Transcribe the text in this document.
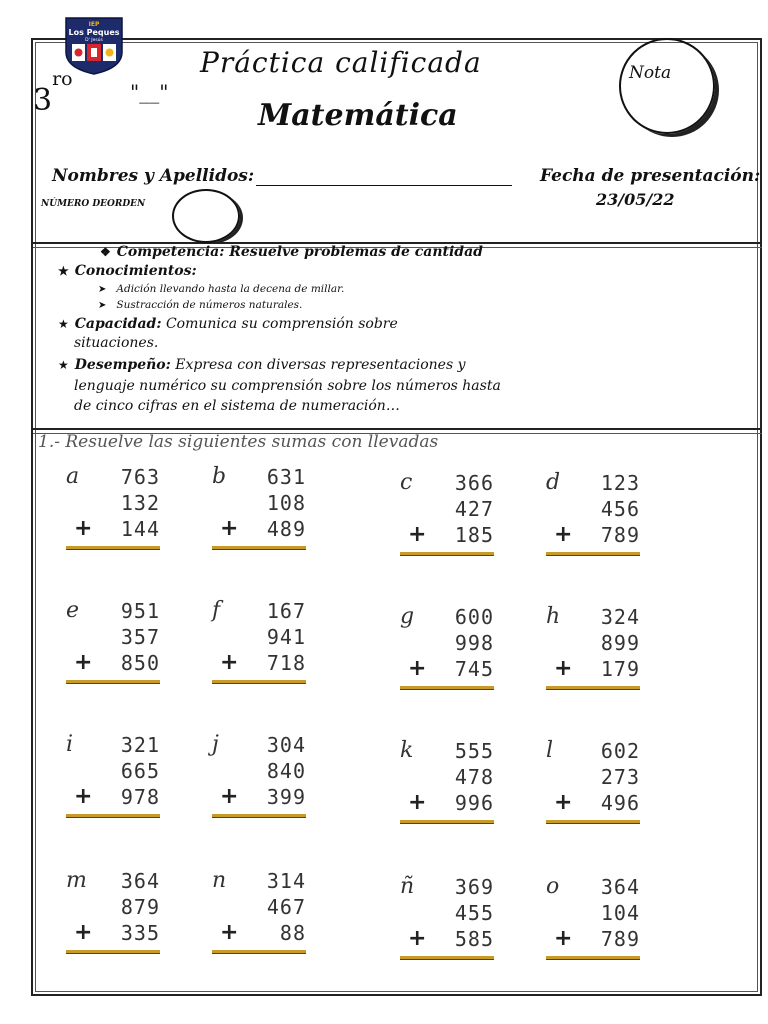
IEP
Los Peques
D' Jesús
$3^{ro}$
"__"
Práctica calificada
Matemática
Nota
Nombres y Apellidos:	Fecha de presentación:
23/05/22
NÚMERO DEORDEN
❖ Competencia: Resuelve problemas de cantidad
★ Conocimientos:
➤ Adición llevando hasta la decena de millar.
➤ Sustracción de números naturales.
★ Capacidad: Comunica su comprensión sobre
situaciones.
★ Desempeño: Expresa con diversas representaciones y
lenguaje numérico su comprensión sobre los números hasta
de cinco cifras en el sistema de numeración…
1.- Resuelve las siguientes sumas con llevadas
a 763
132
+ 144
b 631
108
+ 489
c 366
427
+ 185
d 123
456
+ 789
e 951
357
+ 850
f 167
941
+ 718
g 600
998
+ 745
h 324
899
+ 179
i 321
665
+ 978
j 304
840
+ 399
k 555
478
+ 996
l 602
273
+ 496
m 364
879
+ 335
n 314
467
+ 88
ñ 369
455
+ 585
o 364
104
+ 789
